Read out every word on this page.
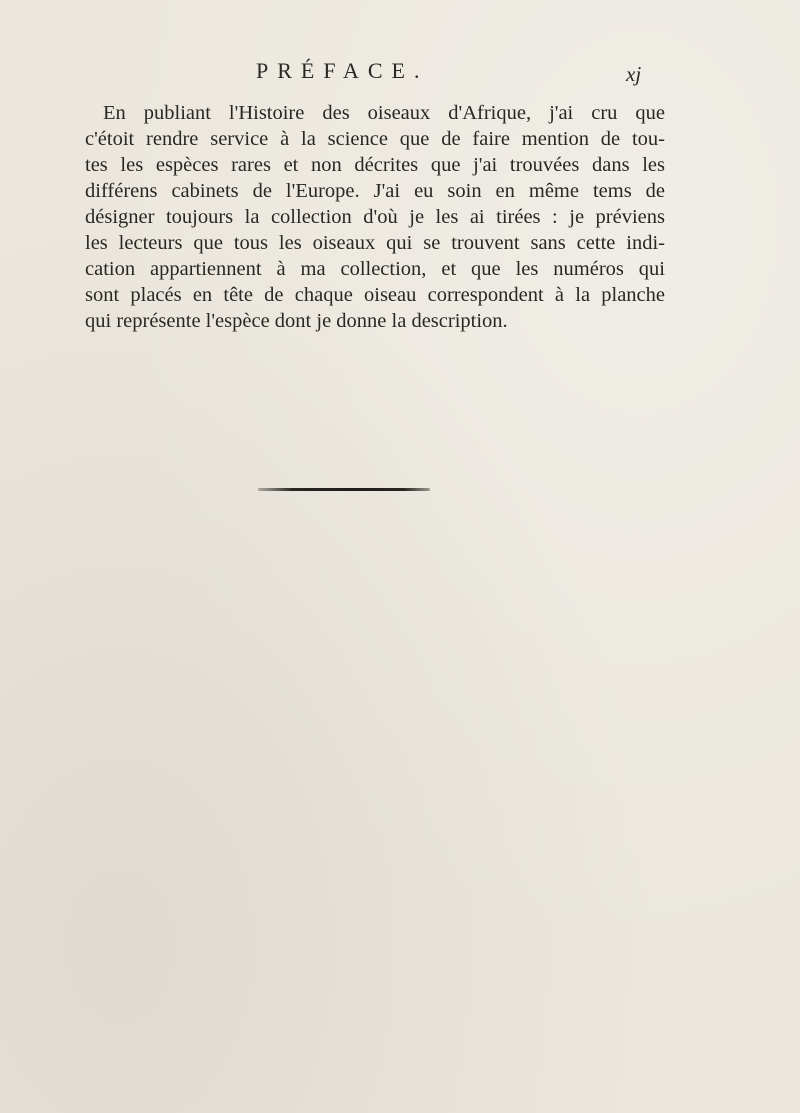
PRÉFACE.	xj
En publiant l'Histoire des oiseaux d'Afrique, j'ai cru que
c'étoit rendre service à la science que de faire mention de tou-
tes les espèces rares et non décrites que j'ai trouvées dans les
différens cabinets de l'Europe. J'ai eu soin en même tems de
désigner toujours la collection d'où je les ai tirées : je préviens
les lecteurs que tous les oiseaux qui se trouvent sans cette indi-
cation appartiennent à ma collection, et que les numéros qui
sont placés en tête de chaque oiseau correspondent à la planche
qui représente l'espèce dont je donne la description.
